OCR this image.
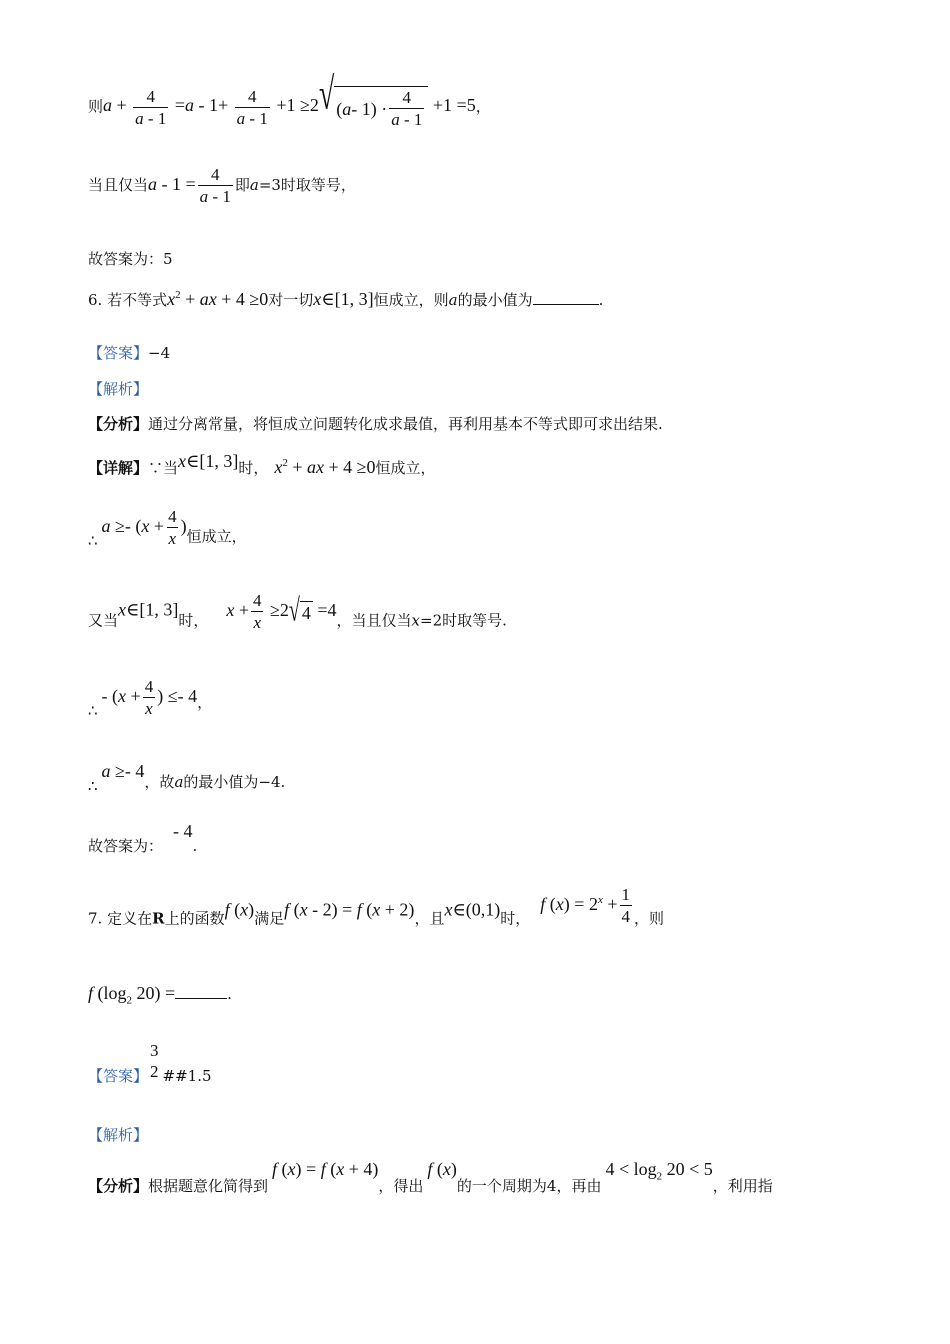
则$a + \frac{4}{a - 1} =a - 1+ \frac{4}{a - 1} +1 \ge 2$ √ ( $a - 1) \cdot \frac{4}{a - 1} +1 =5$，
当且仅当$a - 1 = \frac{4}{a - 1}$ 即a=3时取等号，
故答案为：5
6. 若不等式$x^2$ + ax + 4 ≥0对一切x∈[1, 3]恒成立，则a的最小值为	.
【答案】−4
【解析】
【分析】通过分离常量，将恒成立问题转化成求最值，再利用基本不等式即可求出结果.
【详解】∵当x∈[1, 3]时， $x^2$ + ax + 4 ≥0恒成立，
∴a ≥- ($x + \frac{4}{x}$ )恒成立，
又当x∈[1, 3]时，$x + \frac{4}{x} \ge 2$ √ 4 =4，当且仅当x=2时取等号.
∴- ($x + \frac{4}{x}$ ) ≤- 4，
∴a ≥- 4，故a的最小值为−4.
故答案为：- 4.
7. 定义在R上的函数f (x)满足f (x - 2) = f (x + 2)，且x∈(0,1)时，f $(x) = 2^x + \frac{1}{4}$ ，则
f ($\log_2$ 20) =	.
【答案】
3
2 ##1.5
【解析】
【分析】根据题意化简得到f (x) = f (x + 4)，得出f (x)的一个周期为4，再由$4 < \log_2 20 < 5$，利用指
